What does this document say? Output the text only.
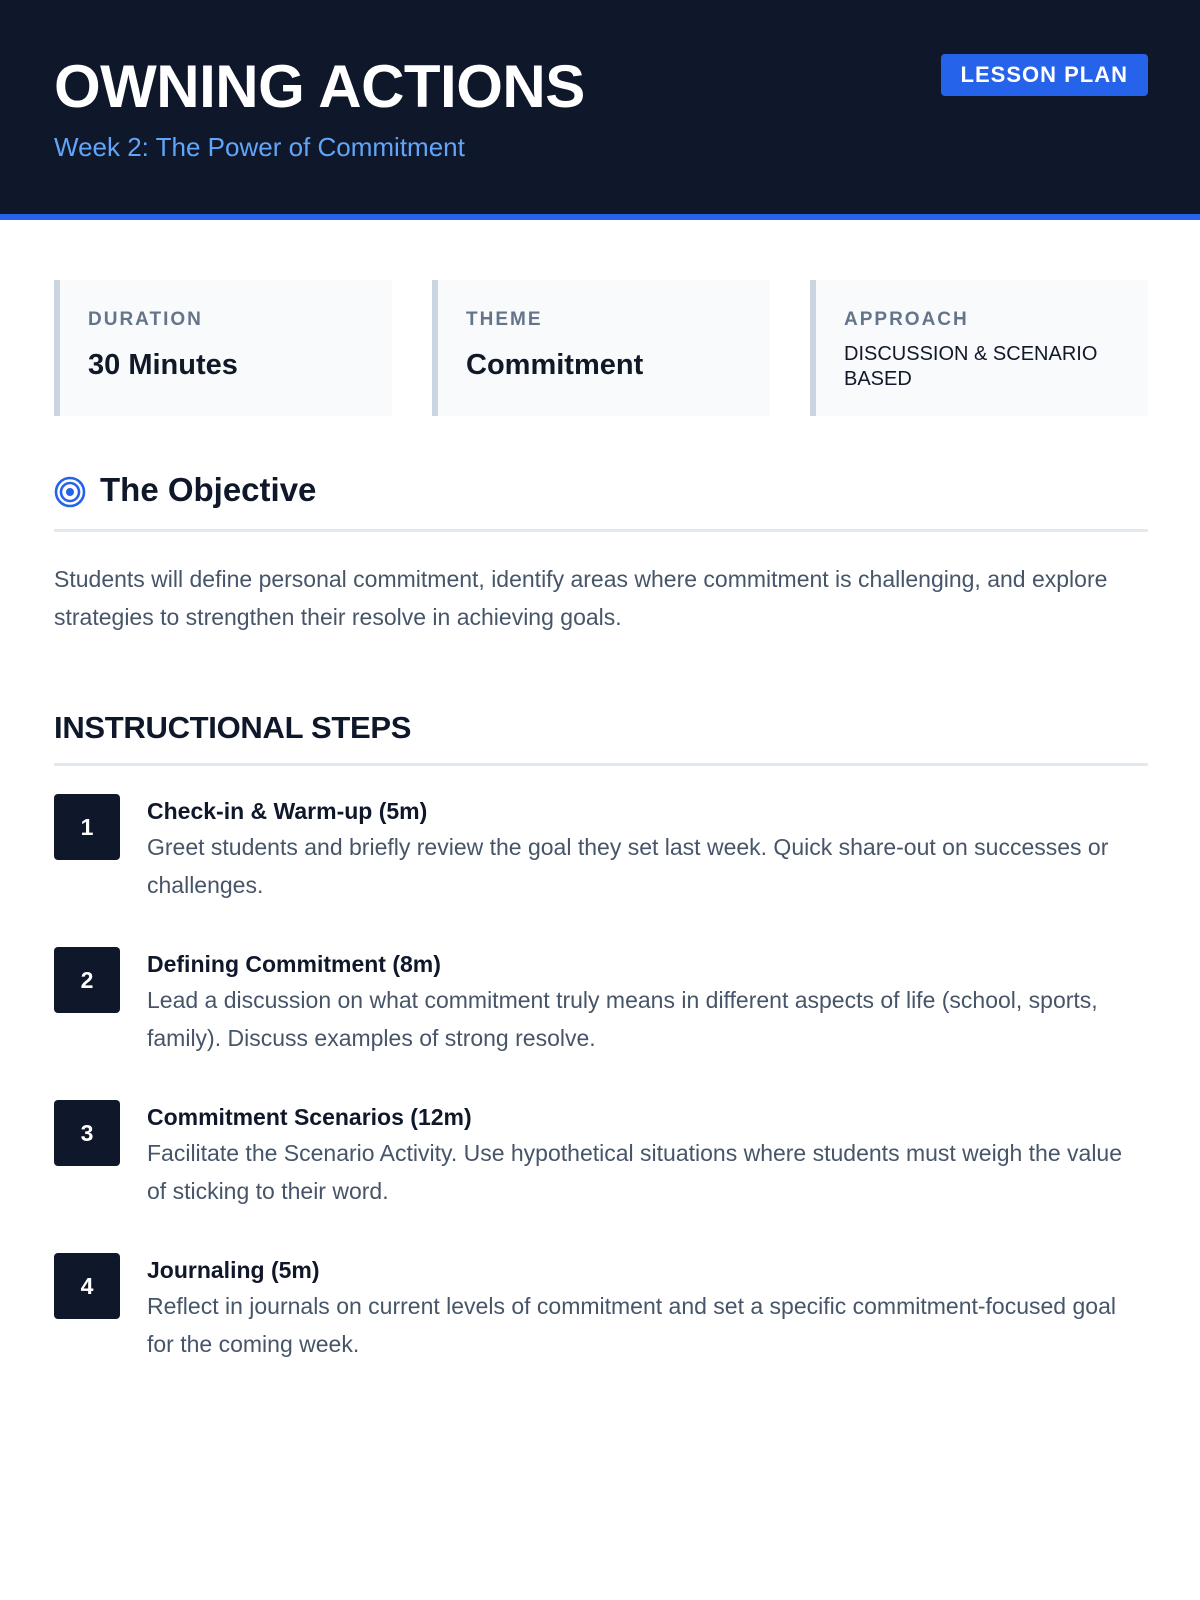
OWNING ACTIONS
Week 2: The Power of Commitment
LESSON PLAN
DURATION
30 Minutes
THEME
Commitment
APPROACH
DISCUSSION & SCENARIO BASED
The Objective

Students will define personal commitment, identify areas where commitment is challenging, and explore strategies to strengthen their resolve in achieving goals.

INSTRUCTIONAL STEPS
1
Check-in & Warm-up (5m)
Greet students and briefly review the goal they set last week. Quick share-out on successes or challenges.
2
Defining Commitment (8m)
Lead a discussion on what commitment truly means in different aspects of life (school, sports, family). Discuss examples of strong resolve.
3
Commitment Scenarios (12m)
Facilitate the Scenario Activity. Use hypothetical situations where students must weigh the value of sticking to their word.
4
Journaling (5m)
Reflect in journals on current levels of commitment and set a specific commitment-focused goal for the coming week.
